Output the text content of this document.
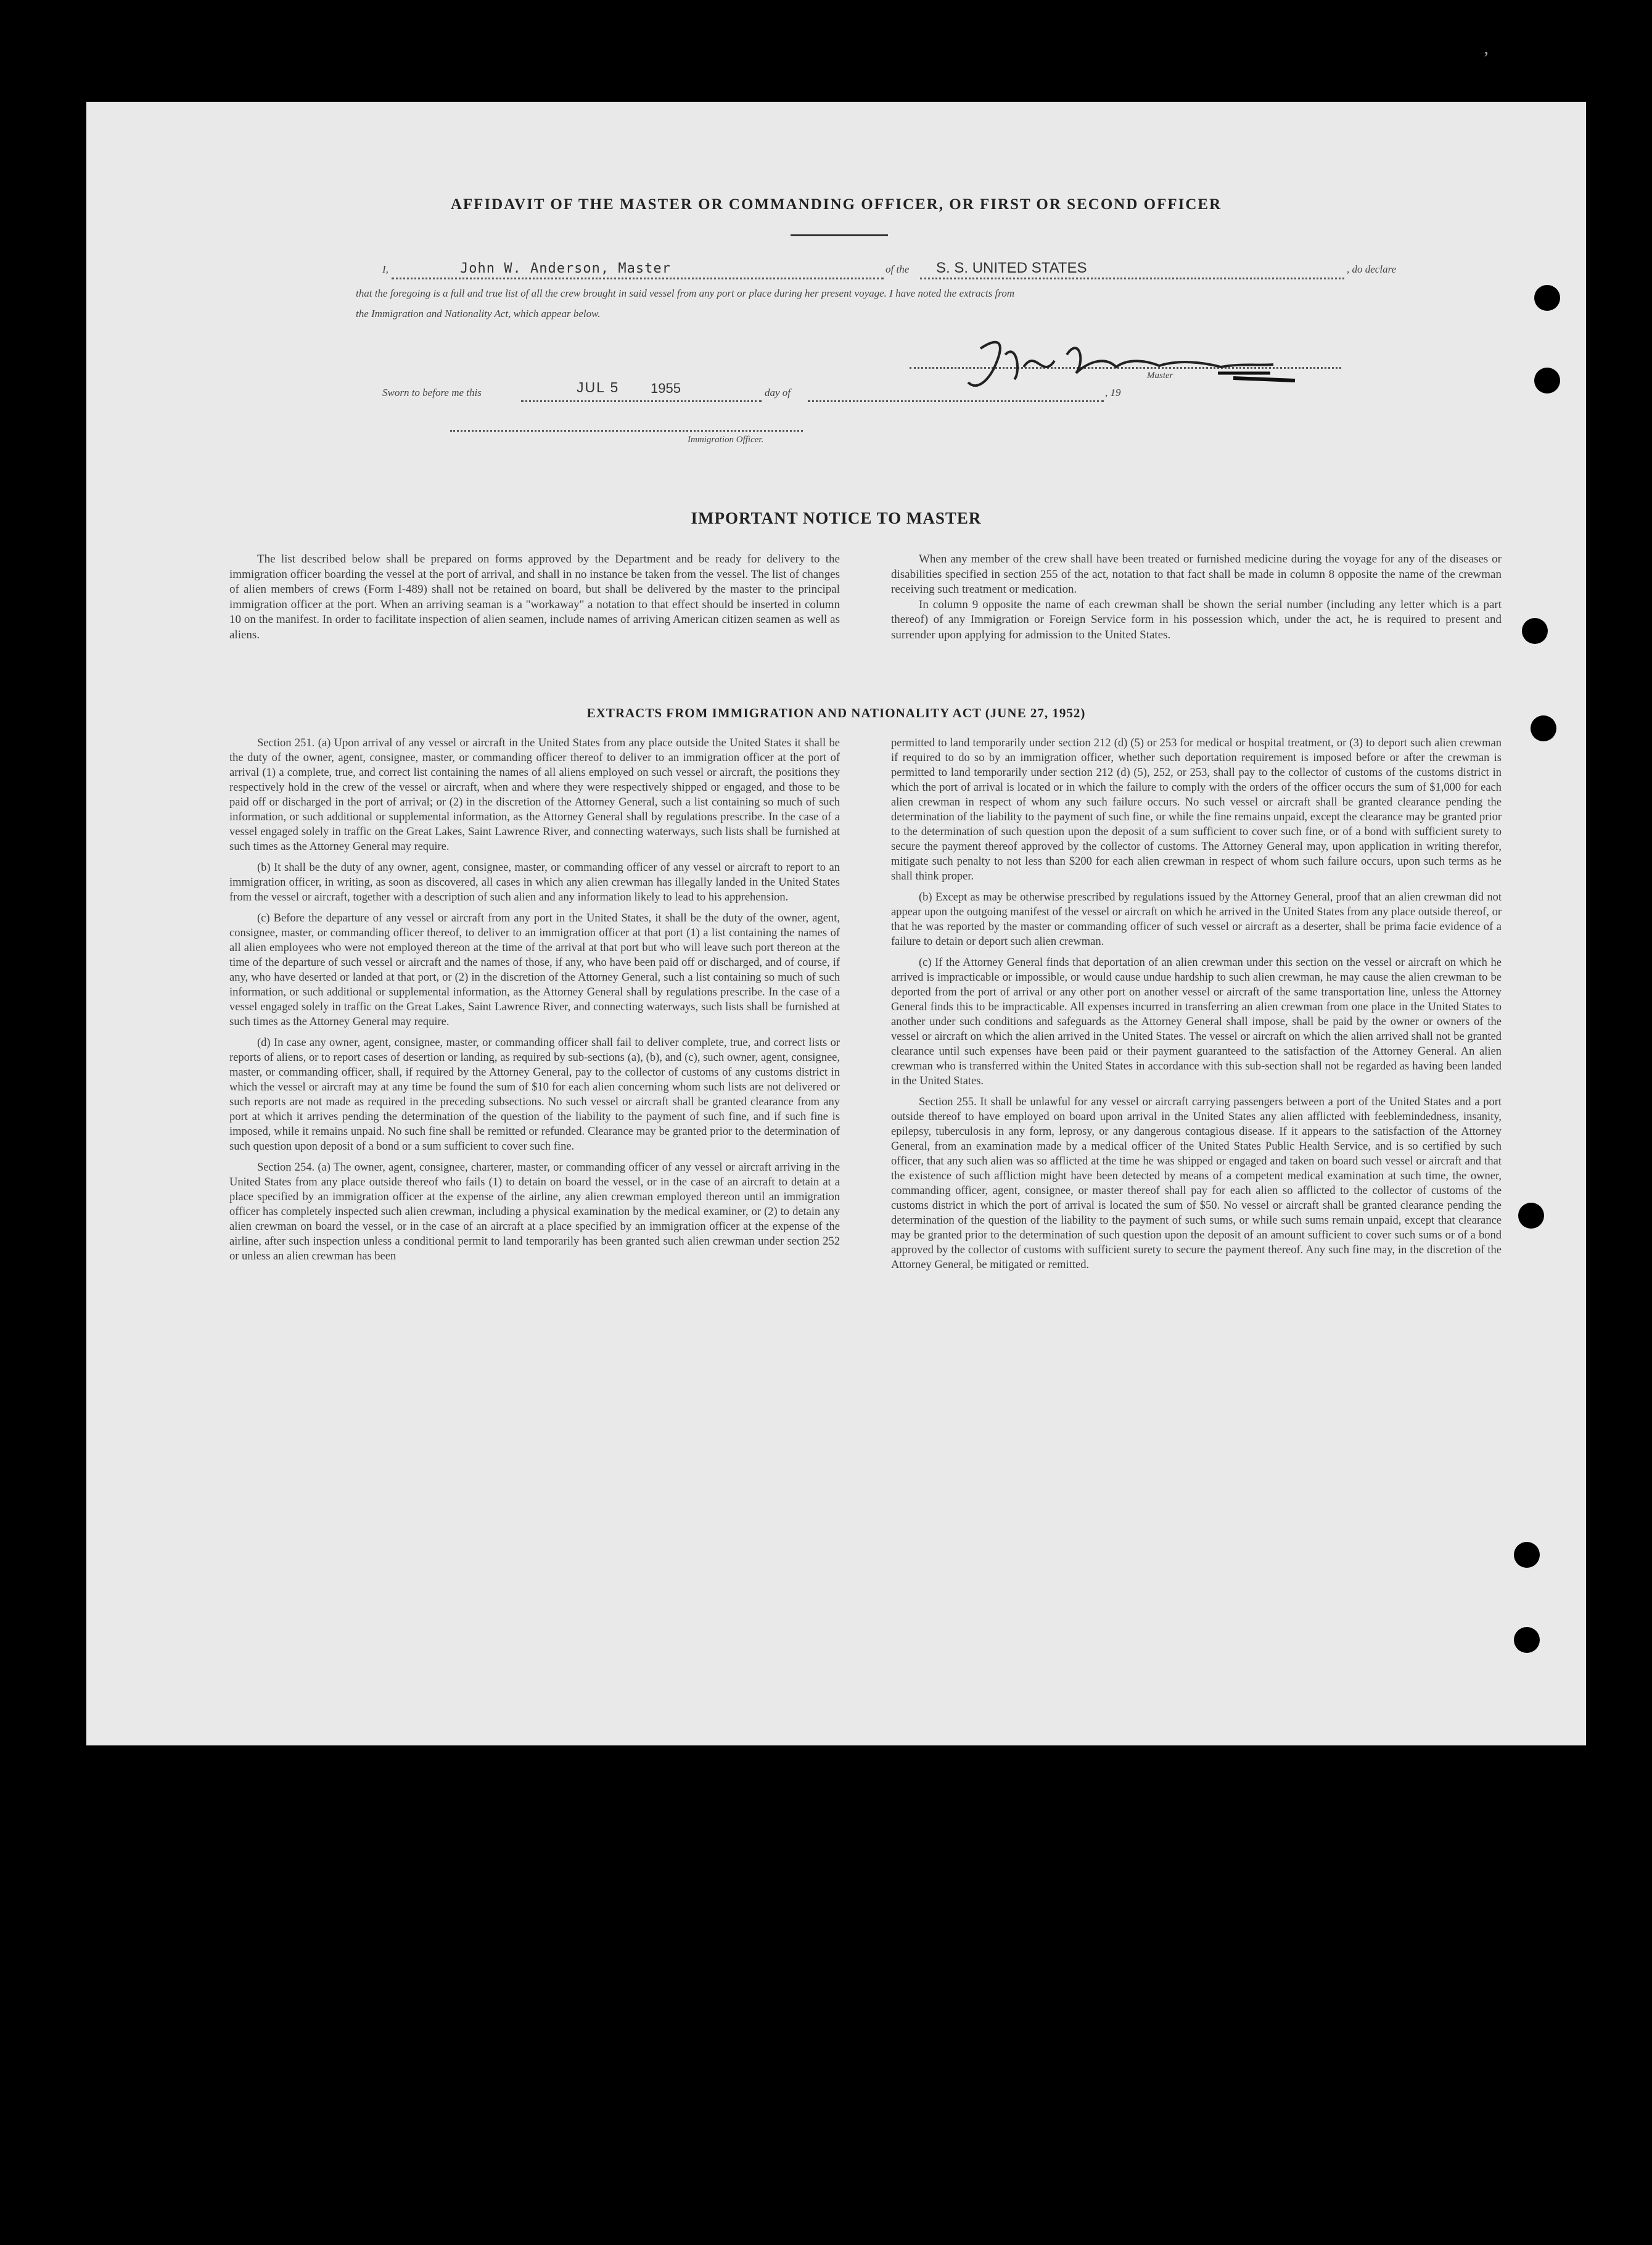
ʼ
AFFIDAVIT OF THE MASTER OR COMMANDING OFFICER, OR FIRST OR SECOND OFFICER
I,	John W. Anderson, Master	of the S. S. UNITED STATES	, do declare
that the foregoing is a full and true list of all the crew brought in said vessel from any port or place during her present voyage. I have noted the extracts from
the Immigration and Nationality Act, which appear below.
Master
Sworn to before me this	JUL 5 1955	day of	, 19
Immigration Officer.
IMPORTANT NOTICE TO MASTER

The list described below shall be prepared on forms approved by the Department and be ready for delivery to the immigration officer boarding the vessel at the port of arrival, and shall in no instance be taken from the vessel. The list of changes of alien members of crews (Form I-489) shall not be retained on board, but shall be delivered by the master to the principal immigration officer at the port. When an arriving seaman is a "workaway" a notation to that effect should be inserted in column 10 on the manifest. In order to facilitate inspection of alien seamen, include names of arriving American citizen seamen as well as aliens.

When any member of the crew shall have been treated or furnished medicine during the voyage for any of the diseases or disabilities specified in section 255 of the act, notation to that fact shall be made in column 8 opposite the name of the crewman receiving such treatment or medication.

In column 9 opposite the name of each crewman shall be shown the serial number (including any letter which is a part thereof) of any Immigration or Foreign Service form in his possession which, under the act, he is required to present and surrender upon applying for admission to the United States.

EXTRACTS FROM IMMIGRATION AND NATIONALITY ACT (JUNE 27, 1952)

Section 251. (a) Upon arrival of any vessel or aircraft in the United States from any place outside the United States it shall be the duty of the owner, agent, consignee, master, or commanding officer thereof to deliver to an immigration officer at the port of arrival (1) a complete, true, and correct list containing the names of all aliens employed on such vessel or aircraft, the positions they respectively hold in the crew of the vessel or aircraft, when and where they were respectively shipped or engaged, and those to be paid off or discharged in the port of arrival; or (2) in the discretion of the Attorney General, such a list containing so much of such information, or such additional or supplemental information, as the Attorney General shall by regulations prescribe. In the case of a vessel engaged solely in traffic on the Great Lakes, Saint Lawrence River, and connecting waterways, such lists shall be furnished at such times as the Attorney General may require.

(b) It shall be the duty of any owner, agent, consignee, master, or commanding officer of any vessel or aircraft to report to an immigration officer, in writing, as soon as discovered, all cases in which any alien crewman has illegally landed in the United States from the vessel or aircraft, together with a description of such alien and any information likely to lead to his apprehension.

(c) Before the departure of any vessel or aircraft from any port in the United States, it shall be the duty of the owner, agent, consignee, master, or commanding officer thereof, to deliver to an immigration officer at that port (1) a list containing the names of all alien employees who were not employed thereon at the time of the arrival at that port but who will leave such port thereon at the time of the departure of such vessel or aircraft and the names of those, if any, who have been paid off or discharged, and of course, if any, who have deserted or landed at that port, or (2) in the discretion of the Attorney General, such a list containing so much of such information, or such additional or supplemental information, as the Attorney General shall by regulations prescribe. In the case of a vessel engaged solely in traffic on the Great Lakes, Saint Lawrence River, and connecting waterways, such lists shall be furnished at such times as the Attorney General may require.

(d) In case any owner, agent, consignee, master, or commanding officer shall fail to deliver complete, true, and correct lists or reports of aliens, or to report cases of desertion or landing, as required by sub-sections (a), (b), and (c), such owner, agent, consignee, master, or commanding officer, shall, if required by the Attorney General, pay to the collector of customs of any customs district in which the vessel or aircraft may at any time be found the sum of $10 for each alien concerning whom such lists are not delivered or such reports are not made as required in the preceding subsections. No such vessel or aircraft shall be granted clearance from any port at which it arrives pending the determination of the question of the liability to the payment of such fine, and if such fine is imposed, while it remains unpaid. No such fine shall be remitted or refunded. Clearance may be granted prior to the determination of such question upon deposit of a bond or a sum sufficient to cover such fine.

Section 254. (a) The owner, agent, consignee, charterer, master, or commanding officer of any vessel or aircraft arriving in the United States from any place outside thereof who fails (1) to detain on board the vessel, or in the case of an aircraft to detain at a place specified by an immigration officer at the expense of the airline, any alien crewman employed thereon until an immigration officer has completely inspected such alien crewman, including a physical examination by the medical examiner, or (2) to detain any alien crewman on board the vessel, or in the case of an aircraft at a place specified by an immigration officer at the expense of the airline, after such inspection unless a conditional permit to land temporarily has been granted such alien crewman under section 252 or unless an alien crewman has been

permitted to land temporarily under section 212 (d) (5) or 253 for medical or hospital treatment, or (3) to deport such alien crewman if required to do so by an immigration officer, whether such deportation requirement is imposed before or after the crewman is permitted to land temporarily under section 212 (d) (5), 252, or 253, shall pay to the collector of customs of the customs district in which the port of arrival is located or in which the failure to comply with the orders of the officer occurs the sum of $1,000 for each alien crewman in respect of whom any such failure occurs. No such vessel or aircraft shall be granted clearance pending the determination of the liability to the payment of such fine, or while the fine remains unpaid, except the clearance may be granted prior to the determination of such question upon the deposit of a sum sufficient to cover such fine, or of a bond with sufficient surety to secure the payment thereof approved by the collector of customs. The Attorney General may, upon application in writing therefor, mitigate such penalty to not less than $200 for each alien crewman in respect of whom such failure occurs, upon such terms as he shall think proper.

(b) Except as may be otherwise prescribed by regulations issued by the Attorney General, proof that an alien crewman did not appear upon the outgoing manifest of the vessel or aircraft on which he arrived in the United States from any place outside thereof, or that he was reported by the master or commanding officer of such vessel or aircraft as a deserter, shall be prima facie evidence of a failure to detain or deport such alien crewman.

(c) If the Attorney General finds that deportation of an alien crewman under this section on the vessel or aircraft on which he arrived is impracticable or impossible, or would cause undue hardship to such alien crewman, he may cause the alien crewman to be deported from the port of arrival or any other port on another vessel or aircraft of the same transportation line, unless the Attorney General finds this to be impracticable. All expenses incurred in transferring an alien crewman from one place in the United States to another under such conditions and safeguards as the Attorney General shall impose, shall be paid by the owner or owners of the vessel or aircraft on which the alien arrived in the United States. The vessel or aircraft on which the alien arrived shall not be granted clearance until such expenses have been paid or their payment guaranteed to the satisfaction of the Attorney General. An alien crewman who is transferred within the United States in accordance with this sub-section shall not be regarded as having been landed in the United States.

Section 255. It shall be unlawful for any vessel or aircraft carrying passengers between a port of the United States and a port outside thereof to have employed on board upon arrival in the United States any alien afflicted with feeblemindedness, insanity, epilepsy, tuberculosis in any form, leprosy, or any dangerous contagious disease. If it appears to the satisfaction of the Attorney General, from an examination made by a medical officer of the United States Public Health Service, and is so certified by such officer, that any such alien was so afflicted at the time he was shipped or engaged and taken on board such vessel or aircraft and that the existence of such affliction might have been detected by means of a competent medical examination at such time, the owner, commanding officer, agent, consignee, or master thereof shall pay for each alien so afflicted to the collector of customs of the customs district in which the port of arrival is located the sum of $50. No vessel or aircraft shall be granted clearance pending the determination of the question of the liability to the payment of such sums, or while such sums remain unpaid, except that clearance may be granted prior to the determination of such question upon the deposit of an amount sufficient to cover such sums or of a bond approved by the collector of customs with sufficient surety to secure the payment thereof. Any such fine may, in the discretion of the Attorney General, be mitigated or remitted.
